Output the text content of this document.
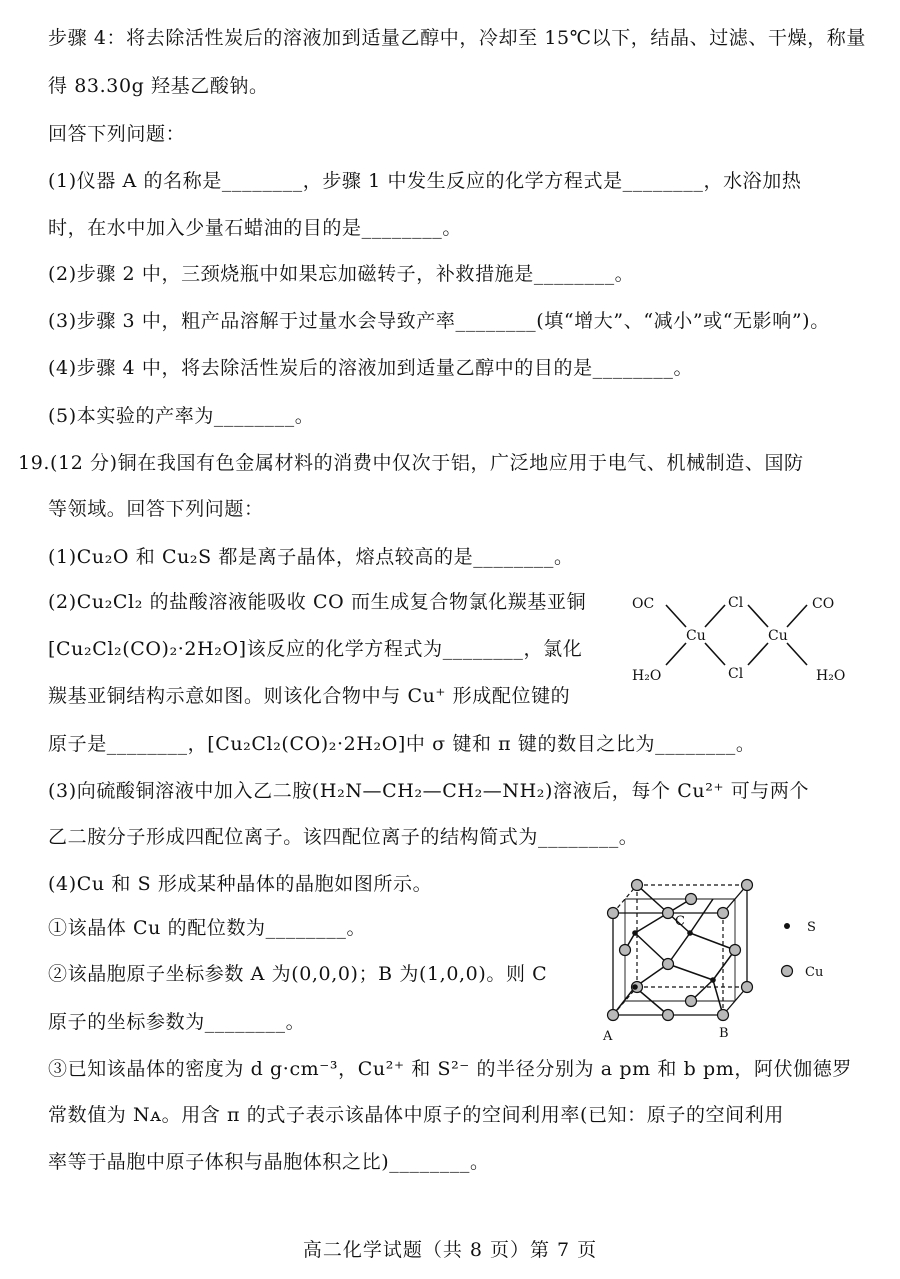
步骤 4：将去除活性炭后的溶液加到适量乙醇中，冷却至 15℃以下，结晶、过滤、干燥，称量
得 83.30g 羟基乙酸钠。
回答下列问题：
(1)仪器 A 的名称是________，步骤 1 中发生反应的化学方程式是________，水浴加热
时，在水中加入少量石蜡油的目的是________。
(2)步骤 2 中，三颈烧瓶中如果忘加磁转子，补救措施是________。
(3)步骤 3 中，粗产品溶解于过量水会导致产率________(填“增大”、“减小”或“无影响”)。
(4)步骤 4 中，将去除活性炭后的溶液加到适量乙醇中的目的是________。
(5)本实验的产率为________。
19.(12 分)铜在我国有色金属材料的消费中仅次于铝，广泛地应用于电气、机械制造、国防
等领域。回答下列问题：
(1)Cu₂O 和 Cu₂S 都是离子晶体，熔点较高的是________。
(2)Cu₂Cl₂ 的盐酸溶液能吸收 CO 而生成复合物氯化羰基亚铜
[Cu₂Cl₂(CO)₂·2H₂O]该反应的化学方程式为________，氯化
羰基亚铜结构示意如图。则该化合物中与 Cu⁺ 形成配位键的
原子是________，[Cu₂Cl₂(CO)₂·2H₂O]中 σ 键和 π 键的数目之比为________。
(3)向硫酸铜溶液中加入乙二胺(H₂N—CH₂—CH₂—NH₂)溶液后，每个 Cu²⁺ 可与两个
乙二胺分子形成四配位离子。该四配位离子的结构简式为________。
(4)Cu 和 S 形成某种晶体的晶胞如图所示。
①该晶体 Cu 的配位数为________。
②该晶胞原子坐标参数 A 为(0,0,0)；B 为(1,0,0)。则 C
原子的坐标参数为________。
③已知该晶体的密度为 d g·cm⁻³，Cu²⁺ 和 S²⁻ 的半径分别为 a pm 和 b pm，阿伏伽德罗
常数值为 Nᴀ。用含 π 的式子表示该晶体中原子的空间利用率(已知：原子的空间利用
率等于晶胞中原子体积与晶胞体积之比)________。
OC	Cl	CO
Cu	Cu
H₂O	Cl	H₂O
C
A	B
S
Cu
高二化学试题（共 8 页）第 7 页
